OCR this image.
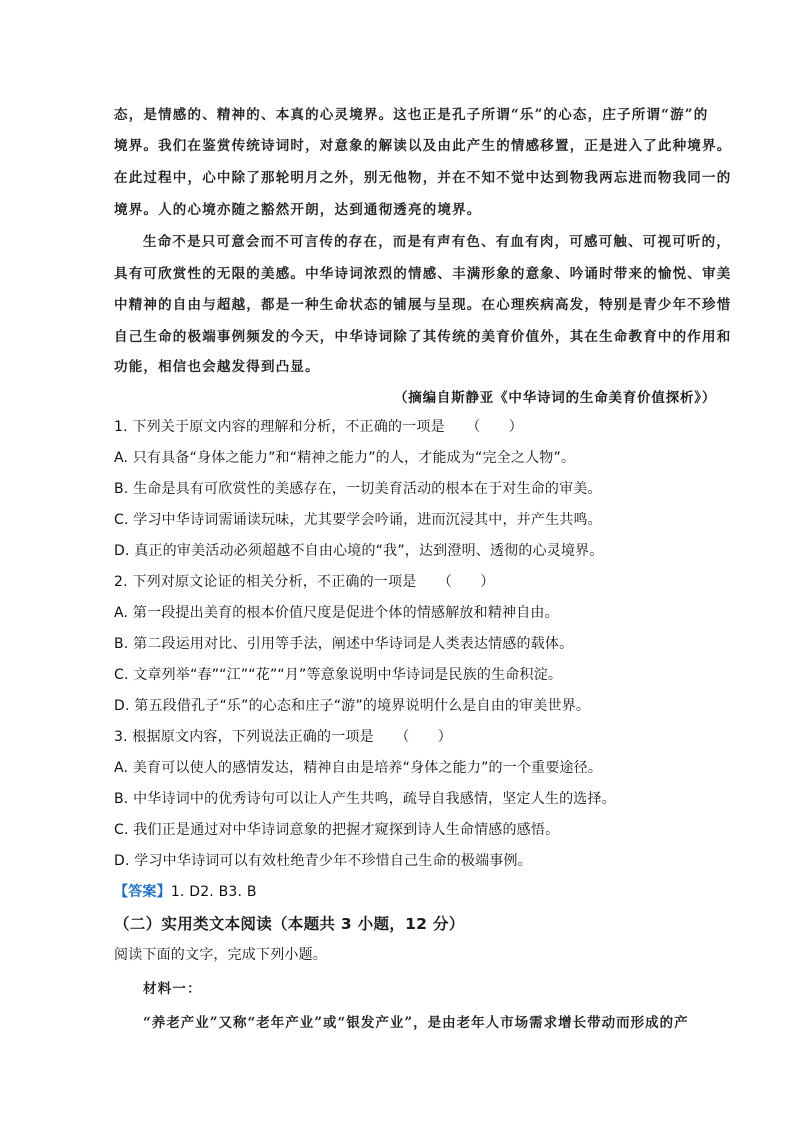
态，是情感的、精神的、本真的心灵境界。这也正是孔子所谓“乐”的心态，庄子所谓“游”的
境界。我们在鉴赏传统诗词时，对意象的解读以及由此产生的情感移置，正是进入了此种境界。
在此过程中，心中除了那轮明月之外，别无他物，并在不知不觉中达到物我两忘进而物我同一的
境界。人的心境亦随之豁然开朗，达到通彻透亮的境界。
生命不是只可意会而不可言传的存在，而是有声有色、有血有肉，可感可触、可视可听的，
具有可欣赏性的无限的美感。中华诗词浓烈的情感、丰满形象的意象、吟诵时带来的愉悦、审美
中精神的自由与超越，都是一种生命状态的铺展与呈现。在心理疾病高发，特别是青少年不珍惜
自己生命的极端事例频发的今天，中华诗词除了其传统的美育价值外，其在生命教育中的作用和
功能，相信也会越发得到凸显。
（摘编自斯静亚《中华诗词的生命美育价值探析》）
1. 下列关于原文内容的理解和分析，不正确的一项是　　（　　）
A. 只有具备“身体之能力”和“精神之能力”的人，才能成为“完全之人物”。
B. 生命是具有可欣赏性的美感存在，一切美育活动的根本在于对生命的审美。
C. 学习中华诗词需诵读玩味，尤其要学会吟诵，进而沉浸其中，并产生共鸣。
D. 真正的审美活动必须超越不自由心境的“我”，达到澄明、透彻的心灵境界。
2. 下列对原文论证的相关分析，不正确的一项是　　（　　）
A. 第一段提出美育的根本价值尺度是促进个体的情感解放和精神自由。
B. 第二段运用对比、引用等手法，阐述中华诗词是人类表达情感的载体。
C. 文章列举“春”“江”“花”“月”等意象说明中华诗词是民族的生命积淀。
D. 第五段借孔子“乐”的心态和庄子“游”的境界说明什么是自由的审美世界。
3. 根据原文内容，下列说法正确的一项是　　（　　）
A. 美育可以使人的感情发达，精神自由是培养“身体之能力”的一个重要途径。
B. 中华诗词中的优秀诗句可以让人产生共鸣，疏导自我感情，坚定人生的选择。
C. 我们正是通过对中华诗词意象的把握才窥探到诗人生命情感的感悟。
D. 学习中华诗词可以有效杜绝青少年不珍惜自己生命的极端事例。
【答案】1. D2. B3. B
（二）实用类文本阅读（本题共 3 小题，12 分）
阅读下面的文字，完成下列小题。
材料一：
“养老产业”又称“老年产业”或“银发产业”，是由老年人市场需求增长带动而形成的产
